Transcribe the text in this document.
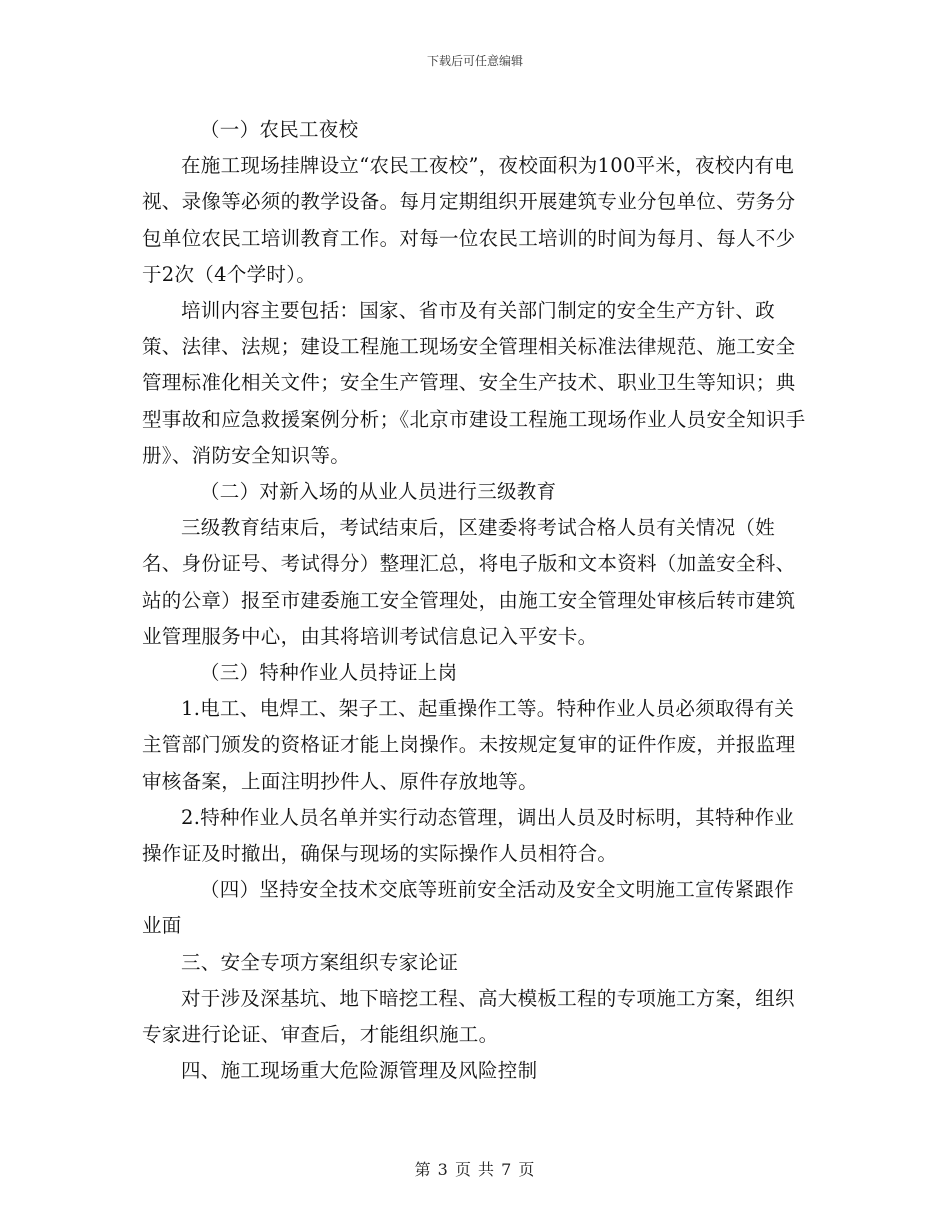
下载后可任意编辑

（一）农民工夜校

在施工现场挂牌设立“农民工夜校”，夜校面积为100平米，夜校内有电视、录像等必须的教学设备。每月定期组织开展建筑专业分包单位、劳务分包单位农民工培训教育工作。对每一位农民工培训的时间为每月、每人不少于2次（4个学时）。

培训内容主要包括：国家、省市及有关部门制定的安全生产方针、政策、法律、法规；建设工程施工现场安全管理相关标准法律规范、施工安全管理标准化相关文件；安全生产管理、安全生产技术、职业卫生等知识；典型事故和应急救援案例分析；《北京市建设工程施工现场作业人员安全知识手册》、消防安全知识等。

（二）对新入场的从业人员进行三级教育

三级教育结束后，考试结束后，区建委将考试合格人员有关情况（姓名、身份证号、考试得分）整理汇总，将电子版和文本资料（加盖安全科、站的公章）报至市建委施工安全管理处，由施工安全管理处审核后转市建筑业管理服务中心，由其将培训考试信息记入平安卡。

（三）特种作业人员持证上岗

1.电工、电焊工、架子工、起重操作工等。特种作业人员必须取得有关主管部门颁发的资格证才能上岗操作。未按规定复审的证件作废，并报监理审核备案，上面注明抄件人、原件存放地等。

2.特种作业人员名单并实行动态管理，调出人员及时标明，其特种作业操作证及时撤出，确保与现场的实际操作人员相符合。

（四）坚持安全技术交底等班前安全活动及安全文明施工宣传紧跟作业面

三、安全专项方案组织专家论证

对于涉及深基坑、地下暗挖工程、高大模板工程的专项施工方案，组织专家进行论证、审查后，才能组织施工。

四、施工现场重大危险源管理及风险控制

第 3 页 共 7 页
